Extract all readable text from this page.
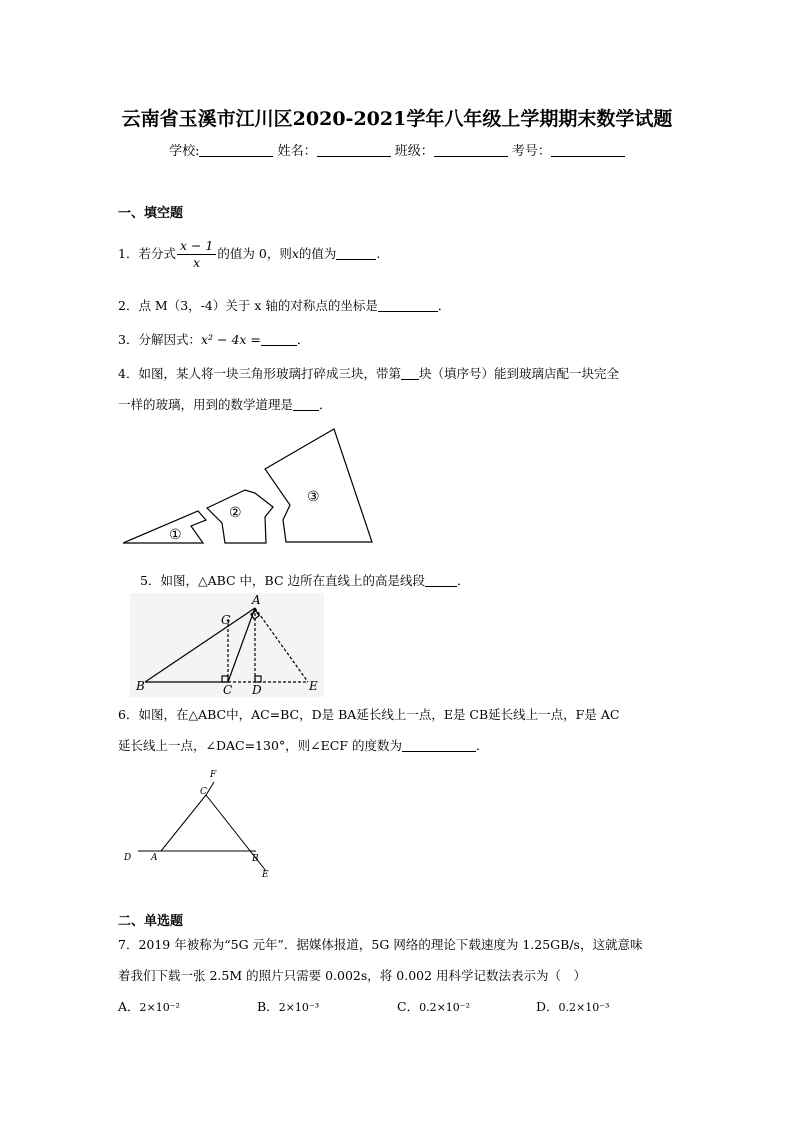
云南省玉溪市江川区2020-2021学年八年级上学期期末数学试题
学校:	姓名：	班级：	考号：
一、填空题
1．若分式 $\frac{x - 1}{x}$ 的值为 0，则x的值为	.
2．点 M（3，-4）关于 x 轴的对称点的坐标是	．
3．分解因式：x² − 4x =	．
4．如图，某人将一块三角形玻璃打碎成三块，带第 块（填序号）能到玻璃店配一块完全
一样的玻璃，用到的数学道理是 ．
①
②
③
5．如图，△ABC 中，BC 边所在直线上的高是线段	．
A
G
B	C D	E
6．如图，在△ABC中，AC=BC，D是 BA延长线上一点，E是 CB延长线上一点，F是 AC
延长线上一点，∠DAC=130°，则∠ECF 的度数为	．
F
C
D A	B
E
二、单选题
7．2019 年被称为“5G 元年”．据媒体报道，5G 网络的理论下载速度为 1.25GB/s，这就意味
着我们下载一张 2.5M 的照片只需要 0.002s，将 0.002 用科学记数法表示为（　）
A．2×10⁻²	B．2×10⁻³	C．0.2×10⁻²	D．0.2×10⁻³
